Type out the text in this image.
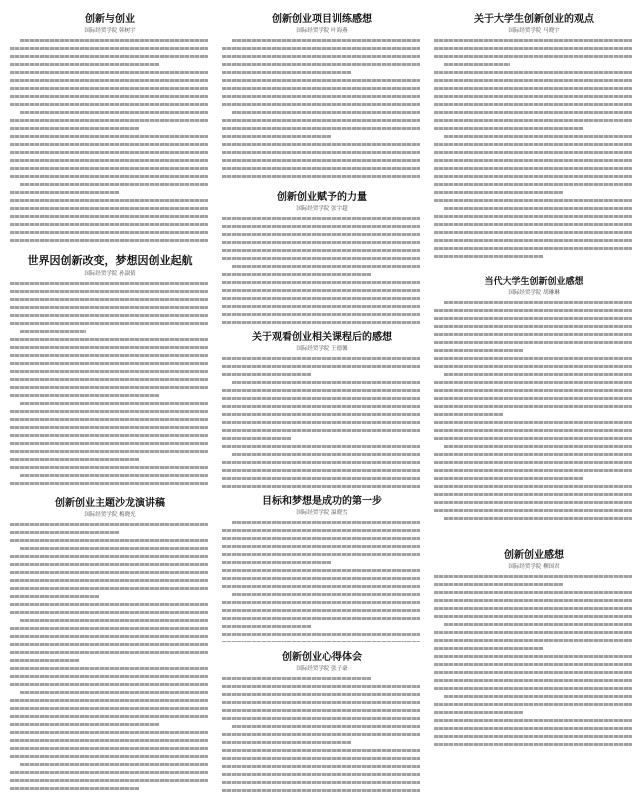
创新与创业
国际经贸学院 韩树宇
世界因创新改变，梦想因创业起航
国际经贸学院 孙淑倩
创新创业主题沙龙演讲稿
国际经贸学院 梅晓光
创新创业项目训练感想
国际经贸学院 叶海燕
创新创业赋予的力量
国际经贸学院 张宇超
关于观看创业相关课程后的感想
国际经贸学院 王德馨
目标和梦想是成功的第一步
国际经贸学院 温晓雪
创新创业心得体会
国际经贸学院 张子豪
关于大学生创新创业的观点
国际经贸学院 马晓宇
当代大学生创新创业感想
国际经贸学院 胡琳琳
创新创业感想
国际经贸学院 柳国君
